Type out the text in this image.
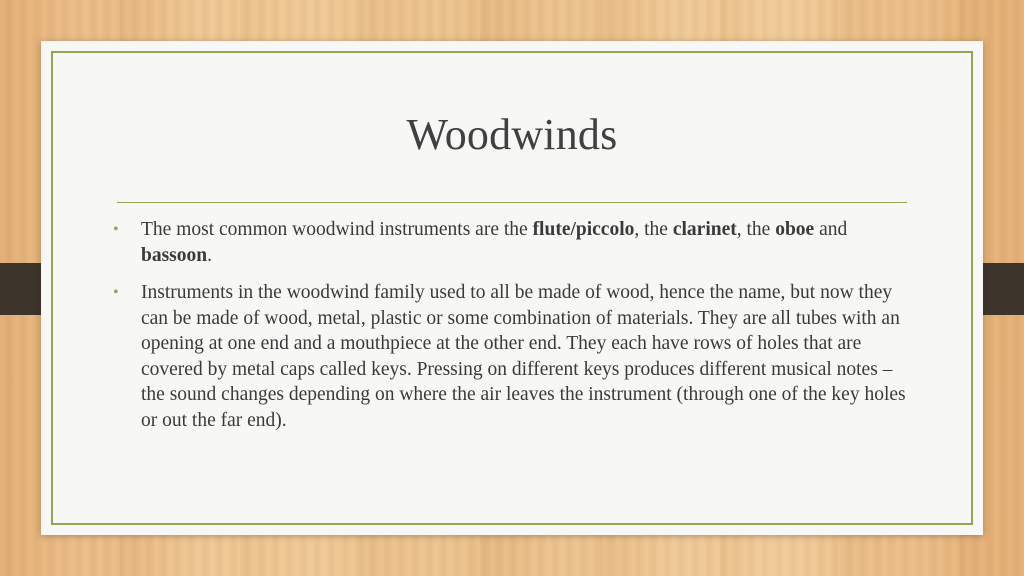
Woodwinds
•
The most common woodwind instruments are the flute/piccolo, the clarinet, the oboe and bassoon.
•
Instruments in the woodwind family used to all be made of wood, hence the name, but now they can be made of wood, metal, plastic or some combination of materials. They are all tubes with an opening at one end and a mouthpiece at the other end. They each have rows of holes that are covered by metal caps called keys. Pressing on different keys produces different musical notes – the sound changes depending on where the air leaves the instrument (through one of the key holes or out the far end).
